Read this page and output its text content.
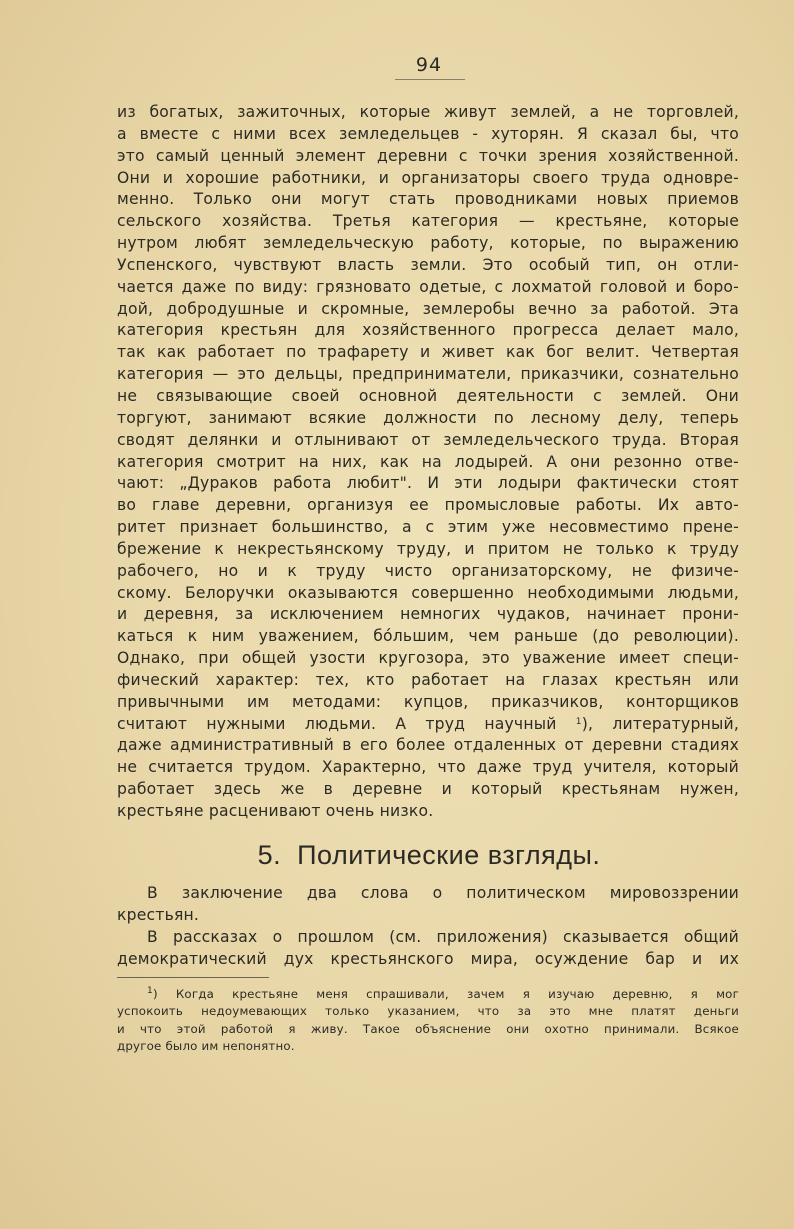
94
из богатых, зажиточных, которые живут землей, а не торговлей,
а вместе с ними всех земледельцев - хуторян. Я сказал бы, что
это самый ценный элемент деревни с точки зрения хозяйственной.
Они и хорошие работники, и организаторы своего труда одновре-
менно. Только они могут стать проводниками новых приемов
сельского хозяйства. Третья категория — крестьяне, которые
нутром любят земледельческую работу, которые, по выражению
Успенского, чувствуют власть земли. Это особый тип, он отли-
чается даже по виду: грязновато одетые, с лохматой головой и боро-
дой, добродушные и скромные, землеробы вечно за работой. Эта
категория крестьян для хозяйственного прогресса делает мало,
так как работает по трафарету и живет как бог велит. Четвертая
категория — это дельцы, предприниматели, приказчики, сознательно
не связывающие своей основной деятельности с землей. Они
торгуют, занимают всякие должности по лесному делу, теперь
сводят делянки и отлынивают от земледельческого труда. Вторая
категория смотрит на них, как на лодырей. А они резонно отве-
чают: „Дураков работа любит". И эти лодыри фактически стоят
во главе деревни, организуя ее промысловые работы. Их авто-
ритет признает большинство, а с этим уже несовместимо пренe-
брежение к некрестьянскому труду, и притом не только к труду
рабочего, но и к труду чисто организаторскому, не физиче-
скому. Белоручки оказываются совершенно необходимыми людьми,
и деревня, за исключением немногих чудаков, начинает прони-
каться к ним уважением, бо́льшим, чем раньше (до революции).
Однако, при общей узости кругозора, это уважение имеет специ-
фический характер: тех, кто работает на глазах крестьян или
привычными им методами: купцов, приказчиков, конторщиков
считают нужными людьми. А труд научный $^1$), литературный,
даже административный в его более отдаленных от деревни стадиях
не считается трудом. Характерно, что даже труд учителя, который
работает здесь же в деревне и который крестьянам нужен,
крестьяне расценивают очень низко.
5. Политические взгляды.
В заключение два слова о политическом мировоззрении
крестьян.
В рассказах о прошлом (см. приложения) сказывается общий
демократический дух крестьянского мира, осуждение бар и их
$^1$) Когда крестьяне меня спрашивали, зачем я изучаю деревню, я мог
успокоить недоумевающих только указанием, что за это мне платят деньги
и что этой работой я живу. Такое объяснение они охотно принимали. Всякое
другое было им непонятно.
